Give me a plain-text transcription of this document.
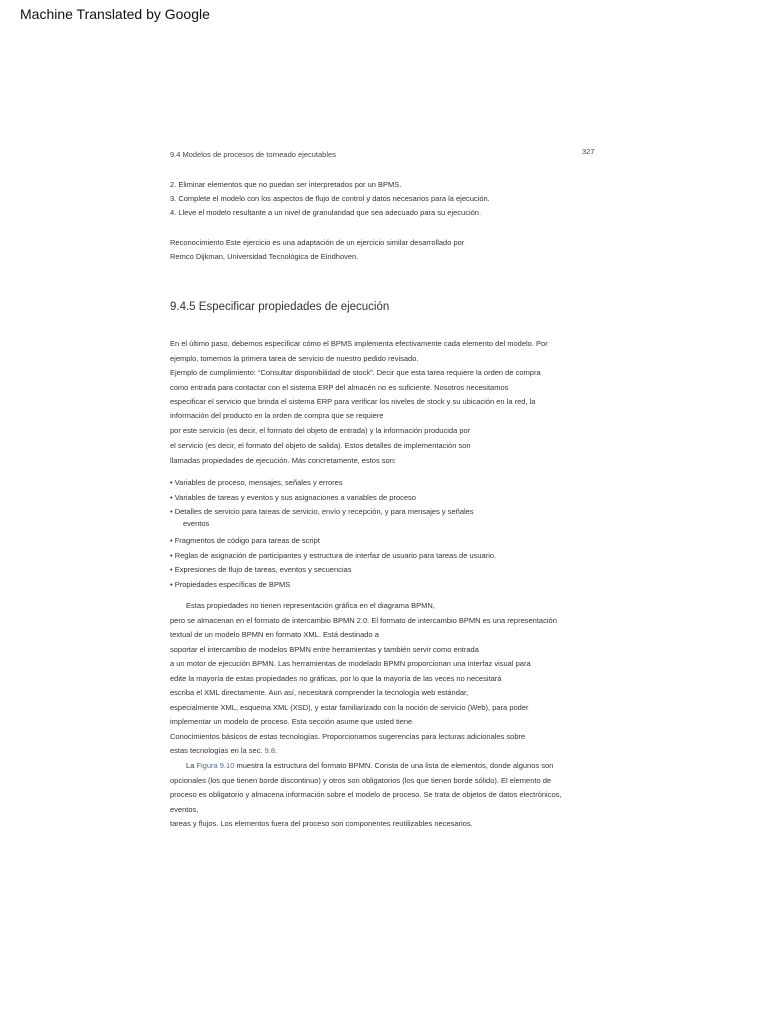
Machine Translated by Google
9.4 Modelos de procesos de torneado ejecutables	327
2. Eliminar elementos que no puedan ser interpretados por un BPMS.
3. Complete el modelo con los aspectos de flujo de control y datos necesarios para la ejecución.
4. Lleve el modelo resultante a un nivel de granularidad que sea adecuado para su ejecución.
Reconocimiento Este ejercicio es una adaptación de un ejercicio similar desarrollado por
Remco Dijkman, Universidad Tecnológica de Eindhoven.
9.4.5 Especificar propiedades de ejecución
En el último paso, debemos especificar cómo el BPMS implementa efectivamente cada elemento del modelo. Por
ejemplo, tomemos la primera tarea de servicio de nuestro pedido revisado.
Ejemplo de cumplimiento: “Consultar disponibilidad de stock”. Decir que esta tarea requiere la orden de compra
como entrada para contactar con el sistema ERP del almacén no es suficiente. Nosotros necesitamos
especificar el servicio que brinda el sistema ERP para verificar los niveles de stock y su ubicación en la red, la
información del producto en la orden de compra que se requiere
por este servicio (es decir, el formato del objeto de entrada) y la información producida por
el servicio (es decir, el formato del objeto de salida). Estos detalles de implementación son
llamadas propiedades de ejecución. Más concretamente, estos son:
• Variables de proceso, mensajes, señales y errores
• Variables de tareas y eventos y sus asignaciones a variables de proceso
• Detalles de servicio para tareas de servicio, envío y recepción, y para mensajes y señales
eventos
• Fragmentos de código para tareas de script
• Reglas de asignación de participantes y estructura de interfaz de usuario para tareas de usuario.
• Expresiones de flujo de tareas, eventos y secuencias
• Propiedades específicas de BPMS
Estas propiedades no tienen representación gráfica en el diagrama BPMN,
pero se almacenan en el formato de intercambio BPMN 2.0. El formato de intercambio BPMN es una representación
textual de un modelo BPMN en formato XML. Está destinado a
soportar el intercambio de modelos BPMN entre herramientas y también servir como entrada
a un motor de ejecución BPMN. Las herramientas de modelado BPMN proporcionan una interfaz visual para
edite la mayoría de estas propiedades no gráficas, por lo que la mayoría de las veces no necesitará
escriba el XML directamente. Aun así, necesitará comprender la tecnología web estándar,
especialmente XML, esquema XML (XSD), y estar familiarizado con la noción de servicio (Web), para poder
implementar un modelo de proceso. Esta sección asume que usted tiene
Conocimientos básicos de estas tecnologías. Proporcionamos sugerencias para lecturas adicionales sobre
estas tecnologías en la sec. 9.8.
La Figura 9.10 muestra la estructura del formato BPMN. Consta de una lista de elementos, donde algunos son
opcionales (los que tienen borde discontinuo) y otros son obligatorios (los que tienen borde sólido). El elemento de
proceso es obligatorio y almacena información sobre el modelo de proceso. Se trata de objetos de datos electrónicos,
eventos,
tareas y flujos. Los elementos fuera del proceso son componentes reutilizables necesarios.
